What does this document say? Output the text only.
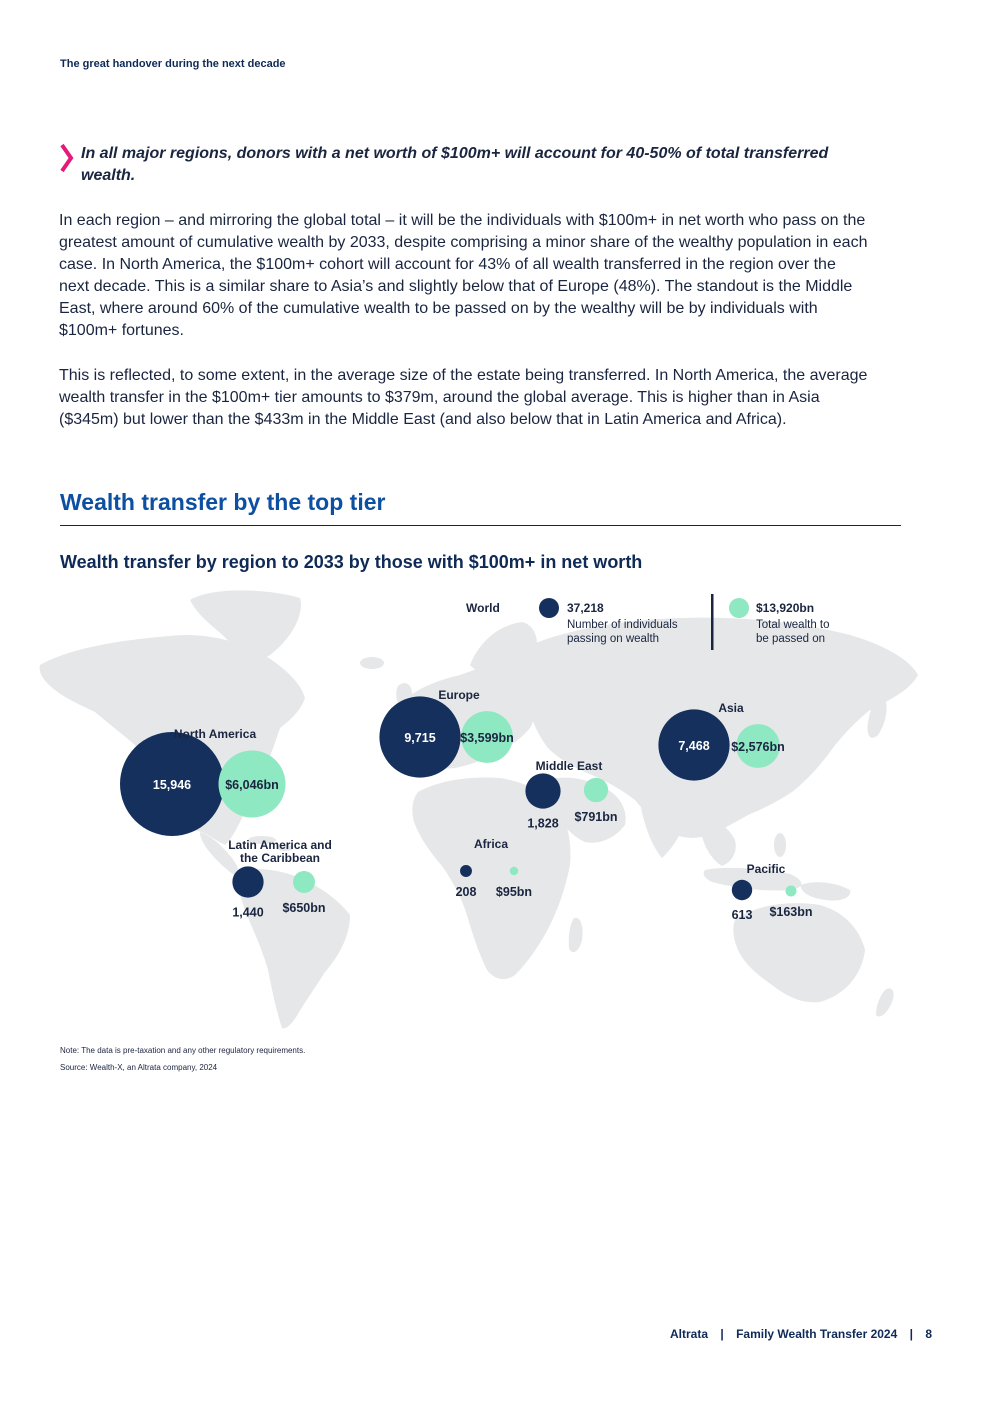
The great handover during the next decade
In all major regions, donors with a net worth of $100m+ will account for 40-50% of total transferred wealth.

In each region – and mirroring the global total – it will be the individuals with $100m+ in net worth who pass on the greatest amount of cumulative wealth by 2033, despite comprising a minor share of the wealthy population in each case. In North America, the $100m+ cohort will account for 43% of all wealth transferred in the region over the next decade. This is a similar share to Asia’s and slightly below that of Europe (48%). The standout is the Middle East, where around 60% of the cumulative wealth to be passed on by the wealthy will be by individuals with $100m+ fortunes.

This is reflected, to some extent, in the average size of the estate being transferred. In North America, the average wealth transfer in the $100m+ tier amounts to $379m, around the global average. This is higher than in Asia ($345m) but lower than the $433m in the Middle East (and also below that in Latin America and Africa).

Wealth transfer by the top tier
Wealth transfer by region to 2033 by those with $100m+ in net worth
World	37,218
Number of individuals
passing on wealth
$13,920bn
Total wealth to
be passed on
North America
15,946	$6,046bn
Europe
9,715 $3,599bn
Asia
7,468 $2,576bn
Middle East
1,828 $791bn
Latin America and
the Caribbean
1,440 $650bn
Africa
208 $95bn
Pacific
613 $163bn
Note: The data is pre-taxation and any other regulatory requirements.
Source: Wealth-X, an Altrata company, 2024
Altrata | Family Wealth Transfer 2024 | 8
